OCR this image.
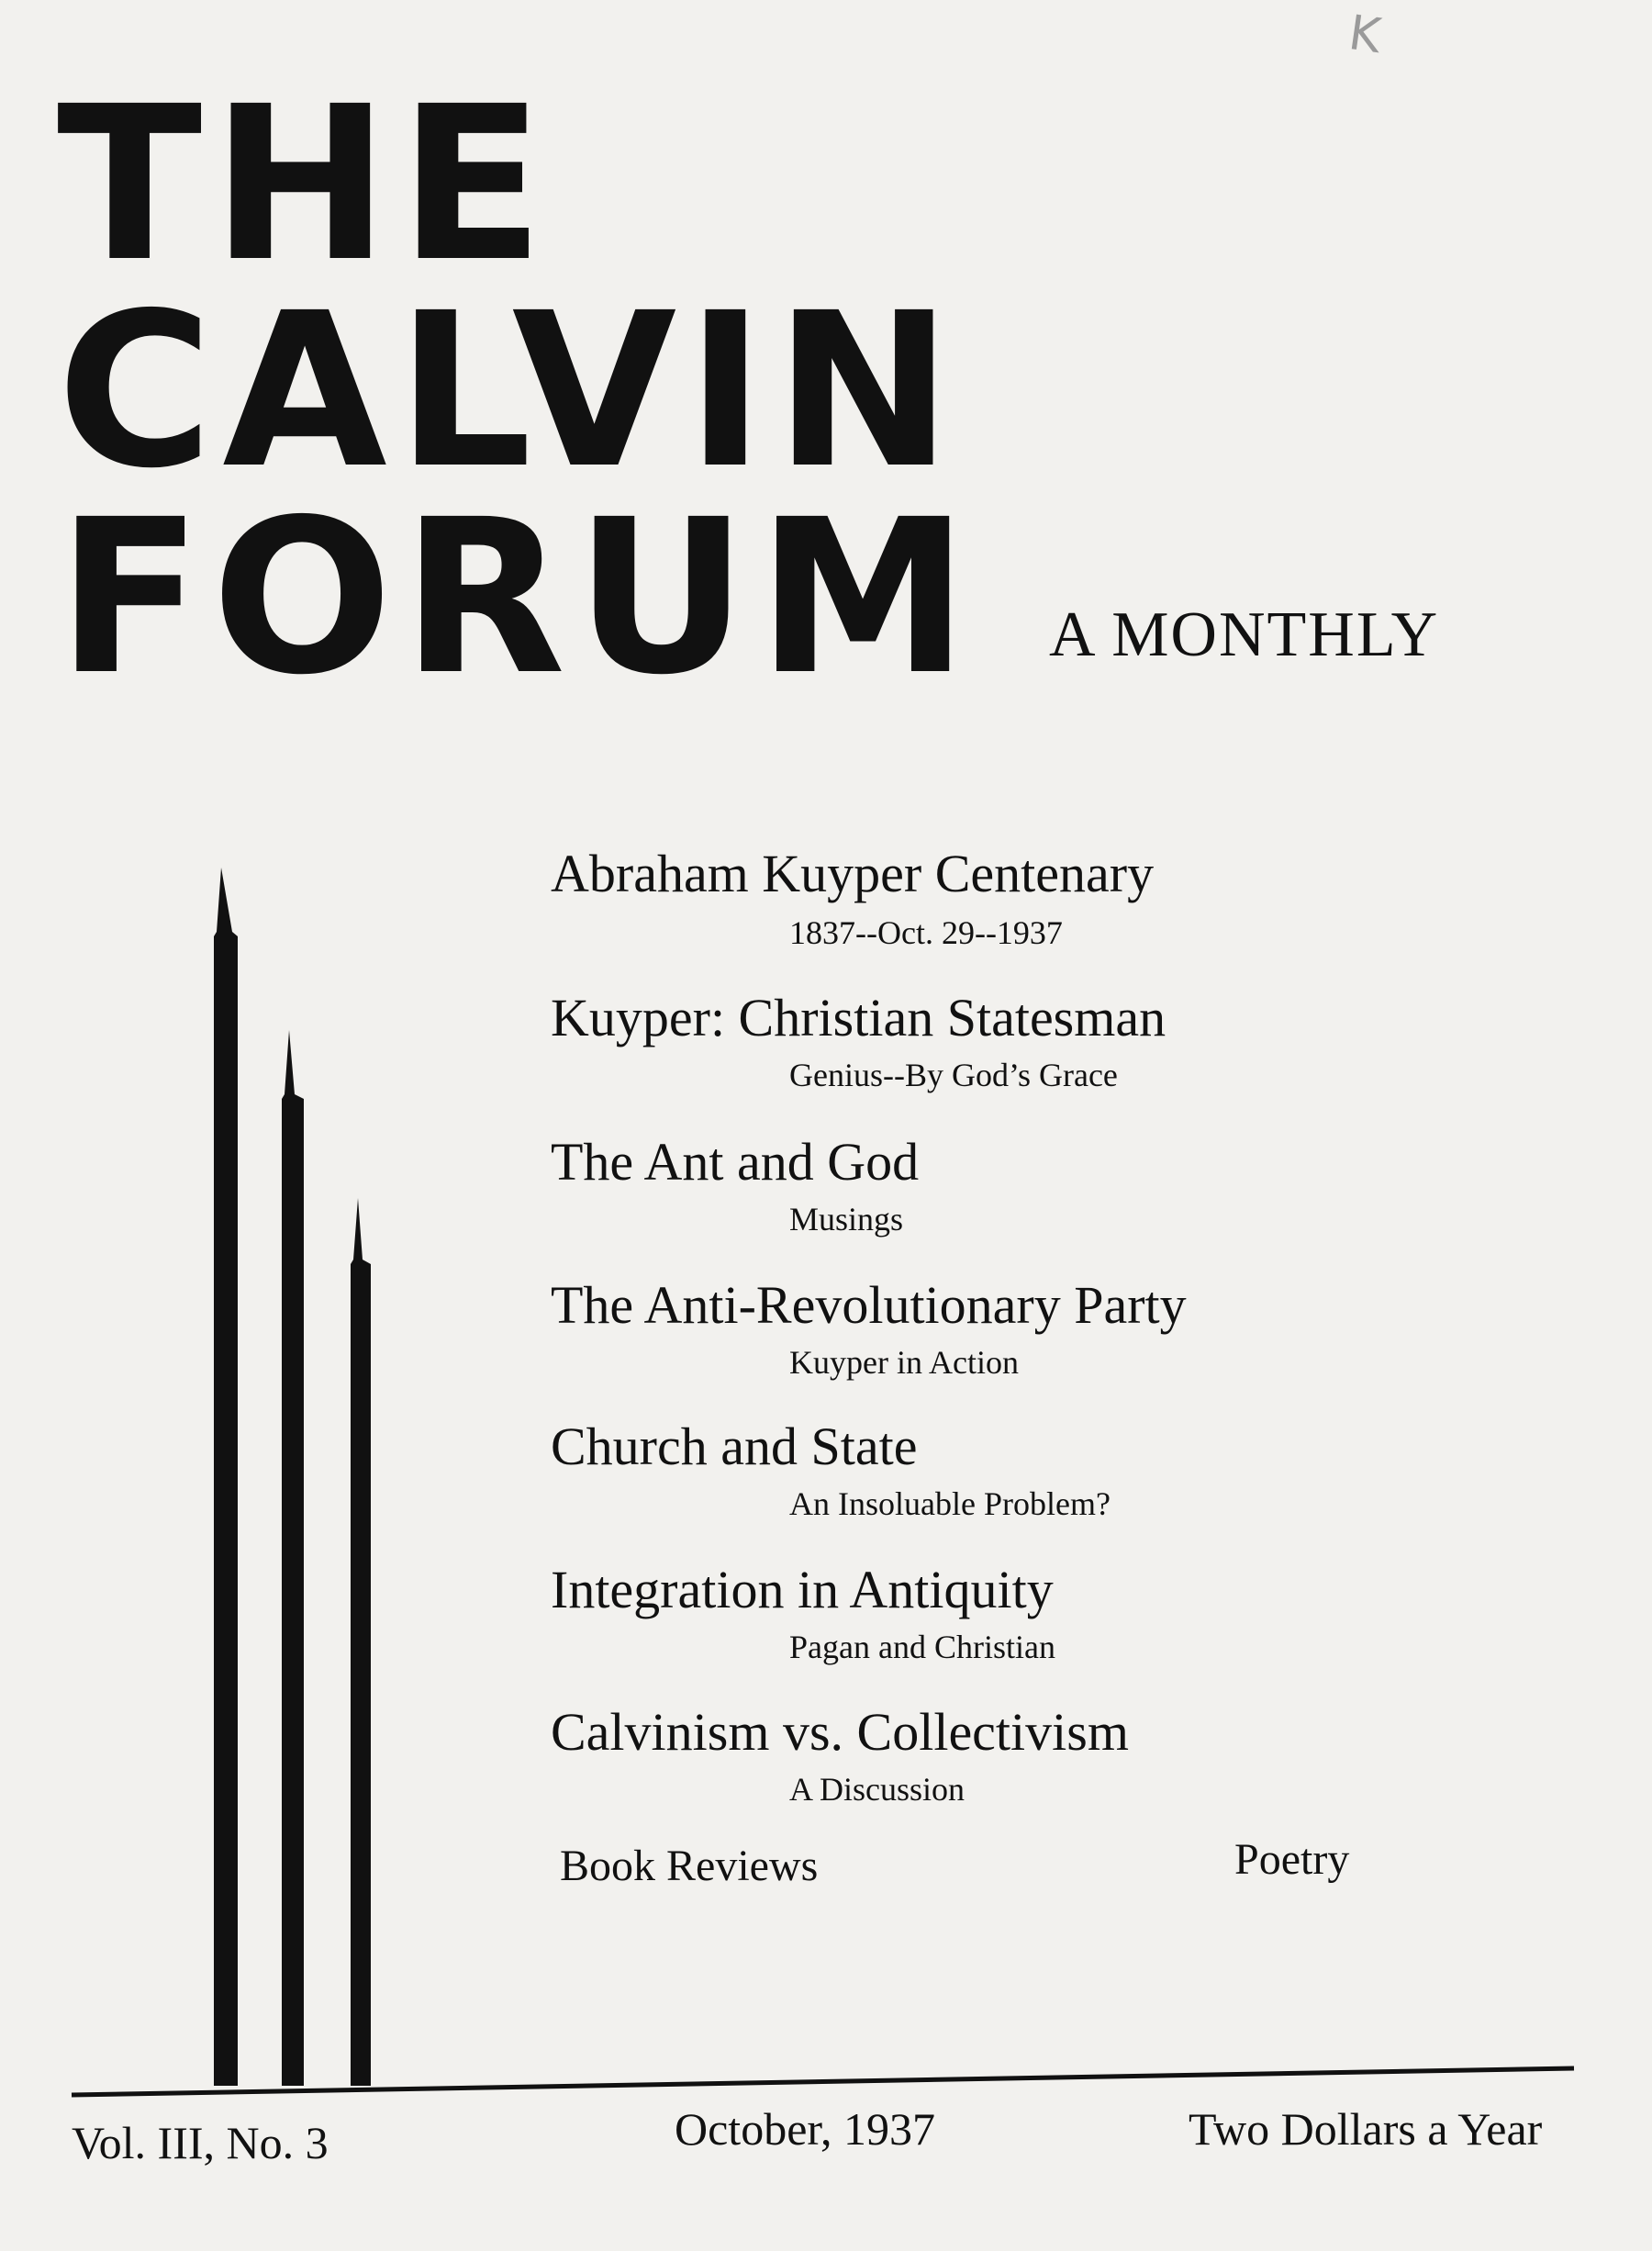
K
THE
CALVIN
FORUM A MONTHLY
Abraham Kuyper Centenary
1837--Oct. 29--1937
Kuyper: Christian Statesman
Genius--By God’s Grace
The Ant and God
Musings
The Anti-Revolutionary Party
Kuyper in Action
Church and State
An Insoluable Problem?
Integration in Antiquity
Pagan and Christian
Calvinism vs. Collectivism
A Discussion
Book Reviews	Poetry
Vol. III, No. 3	October, 1937	Two Dollars a Year
